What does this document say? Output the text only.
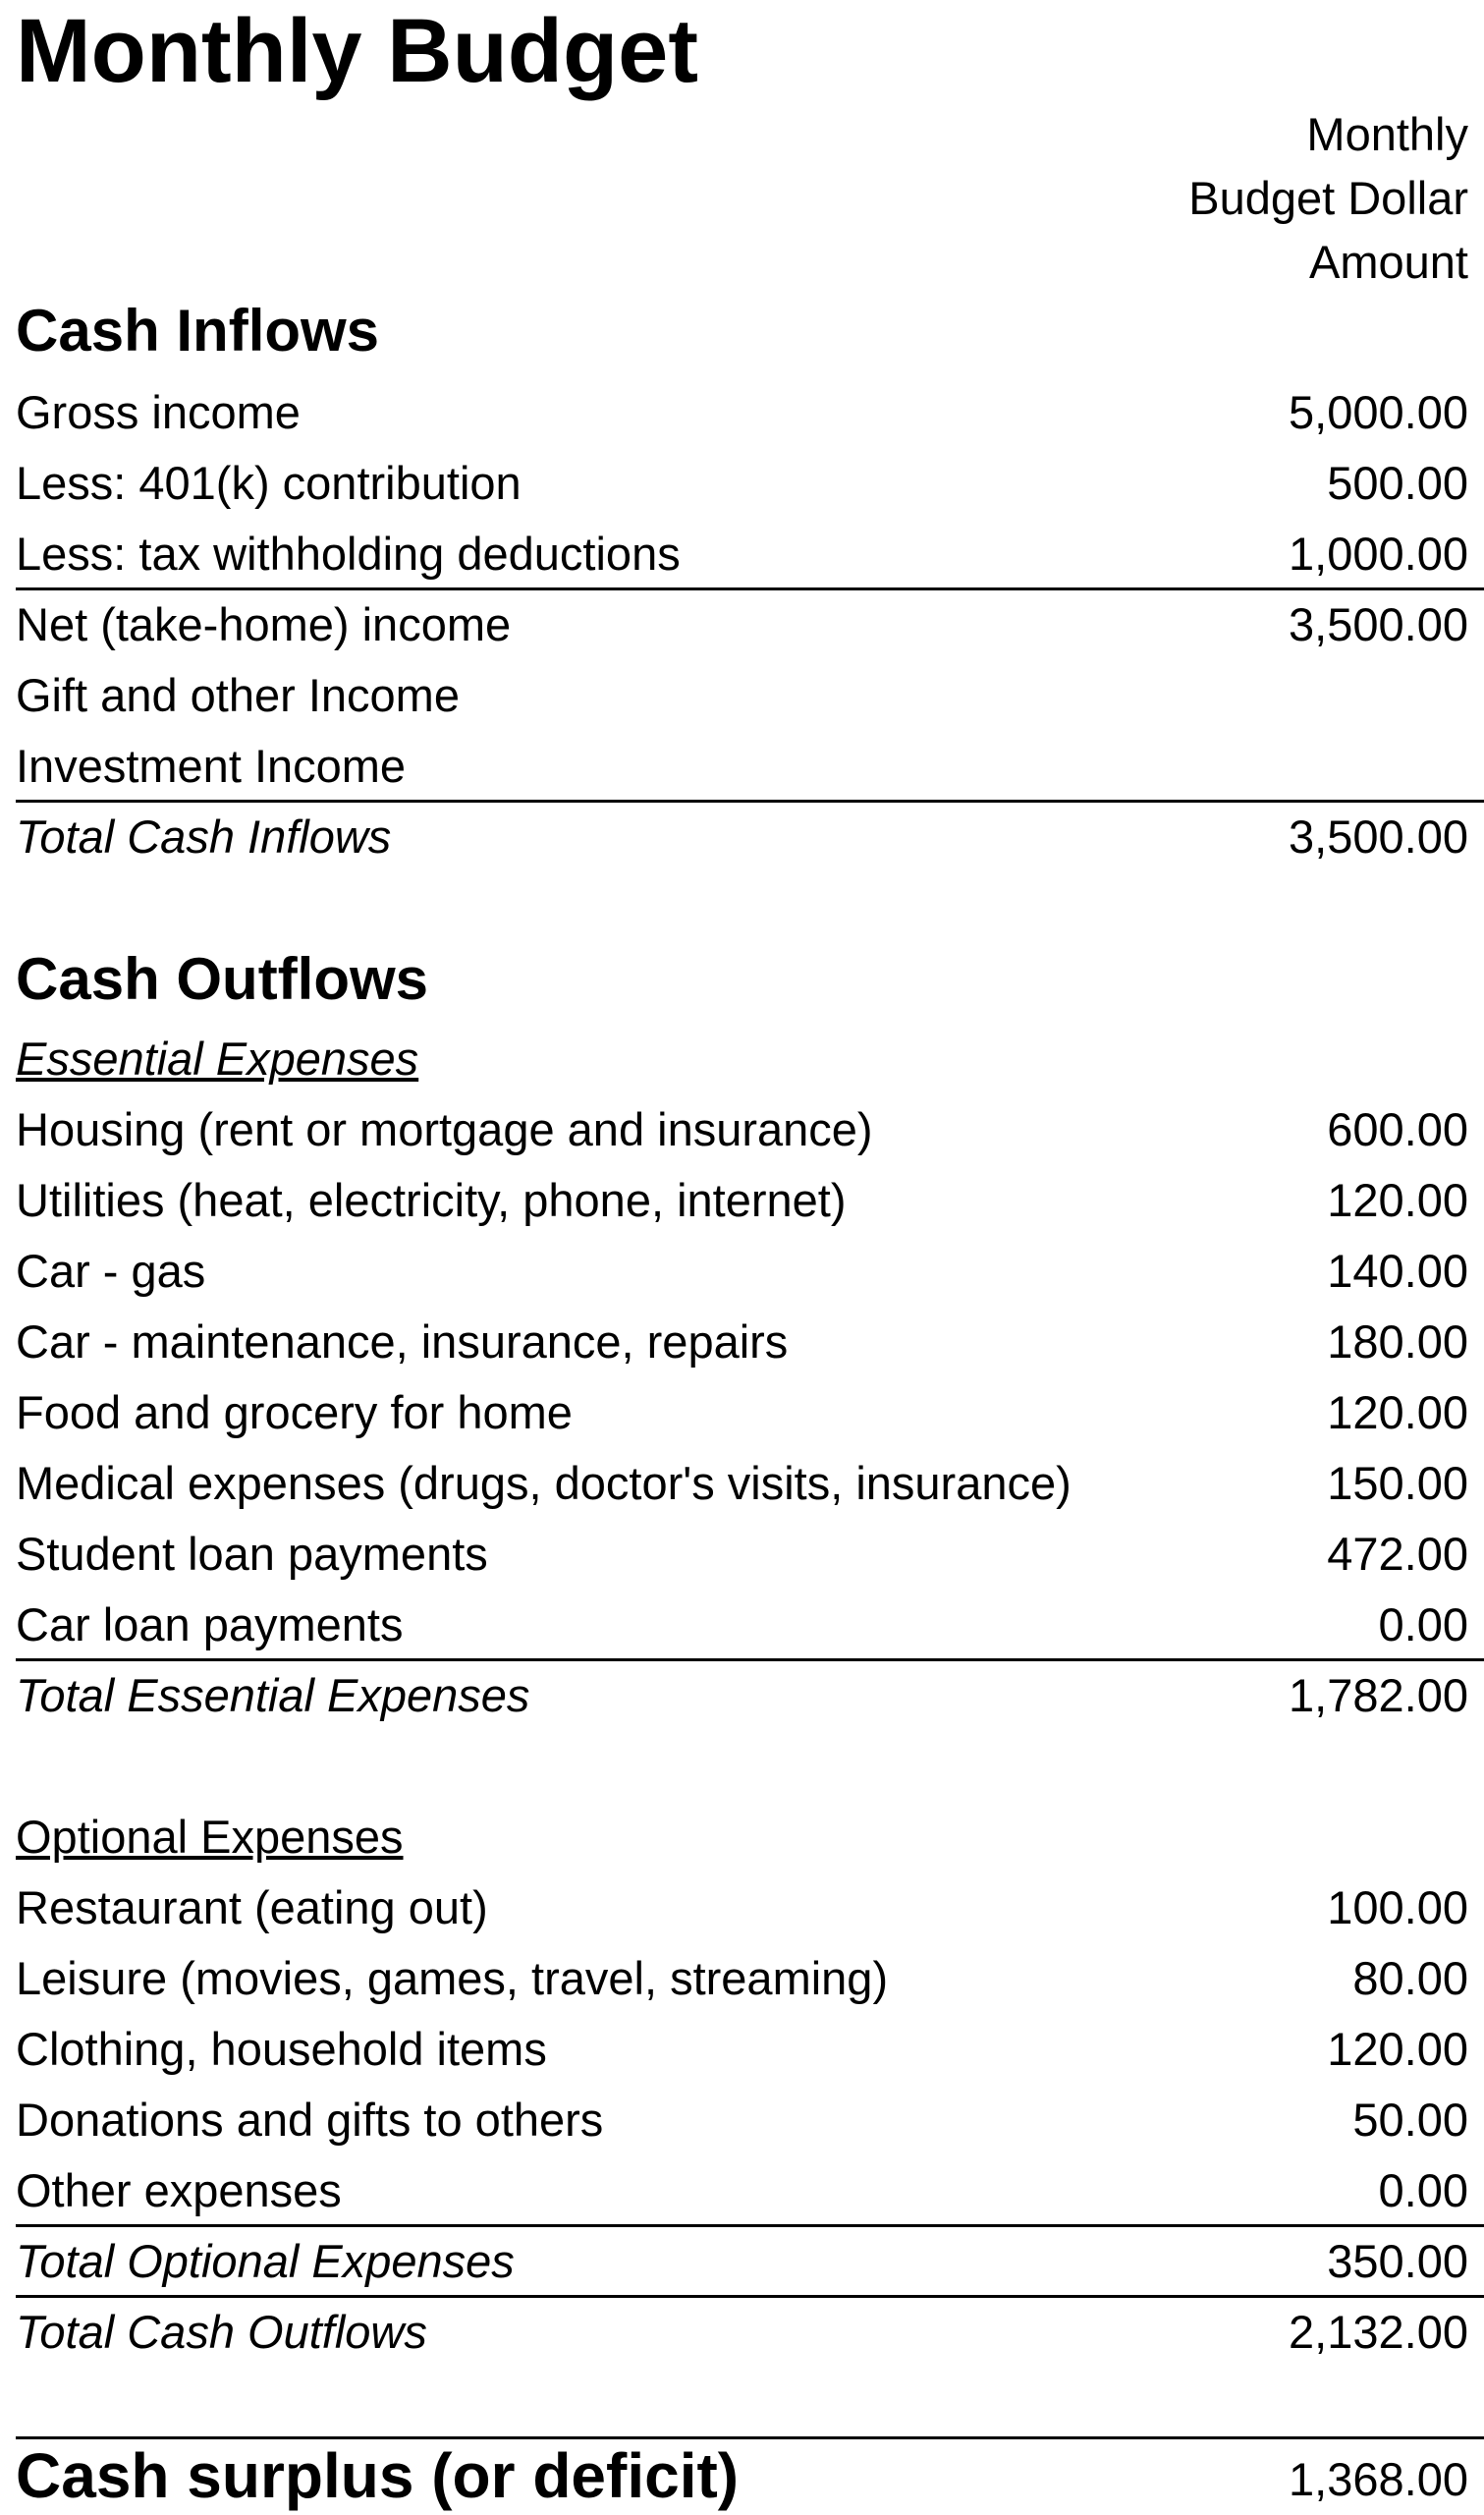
Monthly Budget
Monthly
Budget Dollar
Amount
Cash Inflows
Gross income	5,000.00
Less: 401(k) contribution	500.00
Less: tax withholding deductions	1,000.00
Net (take-home) income	3,500.00
Gift and other Income
Investment Income
Total Cash Inflows	3,500.00
Cash Outflows
Essential Expenses
Housing (rent or mortgage and insurance)	600.00
Utilities (heat, electricity, phone, internet)	120.00
Car - gas	140.00
Car - maintenance, insurance, repairs	180.00
Food and grocery for home	120.00
Medical expenses (drugs, doctor's visits, insurance)	150.00
Student loan payments	472.00
Car loan payments	0.00
Total Essential Expenses	1,782.00
Optional Expenses
Restaurant (eating out)	100.00
Leisure (movies, games, travel, streaming)	80.00
Clothing, household items	120.00
Donations and gifts to others	50.00
Other expenses	0.00
Total Optional Expenses	350.00
Total Cash Outflows	2,132.00
Cash surplus (or deficit)	1,368.00
